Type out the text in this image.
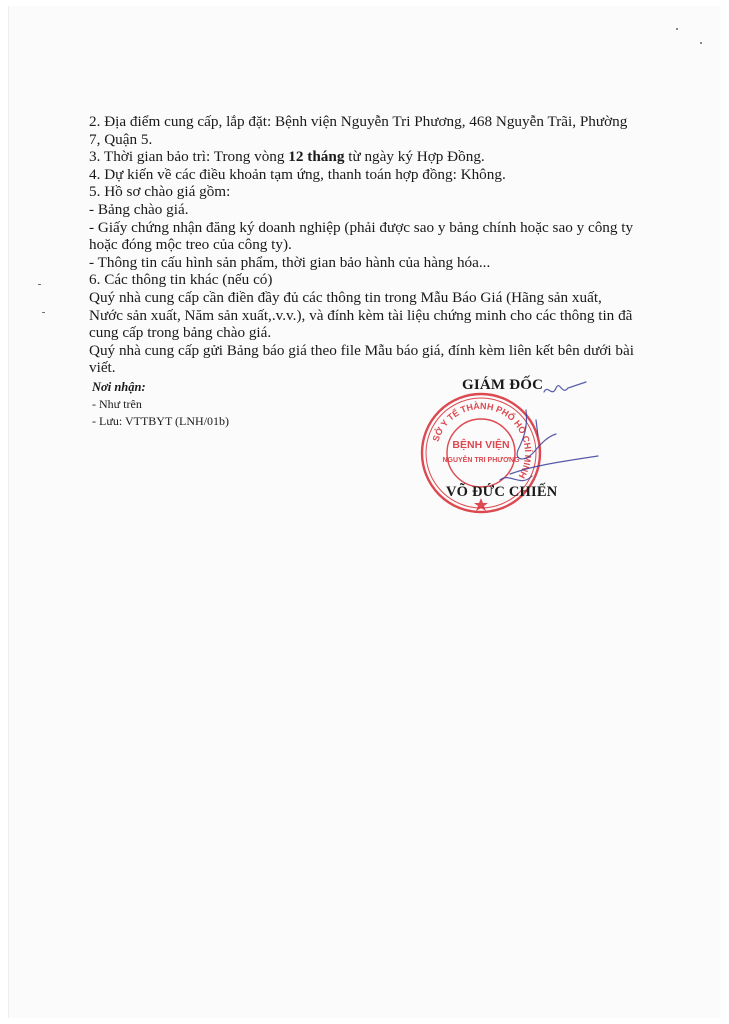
2. Địa điểm cung cấp, lắp đặt: Bệnh viện Nguyễn Tri Phương, 468 Nguyễn Trãi, Phường

7, Quận 5.

3. Thời gian bảo trì: Trong vòng 12 tháng từ ngày ký Hợp Đồng.

4. Dự kiến về các điều khoản tạm ứng, thanh toán hợp đồng: Không.

5. Hồ sơ chào giá gồm:

- Bảng chào giá.

- Giấy chứng nhận đăng ký doanh nghiệp (phải được sao y bảng chính hoặc sao y công ty

hoặc đóng mộc treo của công ty).

- Thông tin cấu hình sản phẩm, thời gian bảo hành của hàng hóa...

6. Các thông tin khác (nếu có)

Quý nhà cung cấp cần điền đầy đủ các thông tin trong Mẫu Báo Giá (Hãng sản xuất,

Nước sản xuất, Năm sản xuất,.v.v.), và đính kèm tài liệu chứng minh cho các thông tin đã

cung cấp trong bảng chào giá.

Quý nhà cung cấp gửi Bảng báo giá theo file Mẫu báo giá, đính kèm liên kết bên dưới bài

viết.

Nơi nhận:
- Như trên
- Lưu: VTTBYT (LNH/01b)
SỞ Y TẾ THÀNH PHỐ HỒ CHÍ MINH
BỆNH VIỆN
NGUYỄN TRI PHƯƠNG
GIÁM ĐỐC
VÕ ĐỨC CHIẾN
